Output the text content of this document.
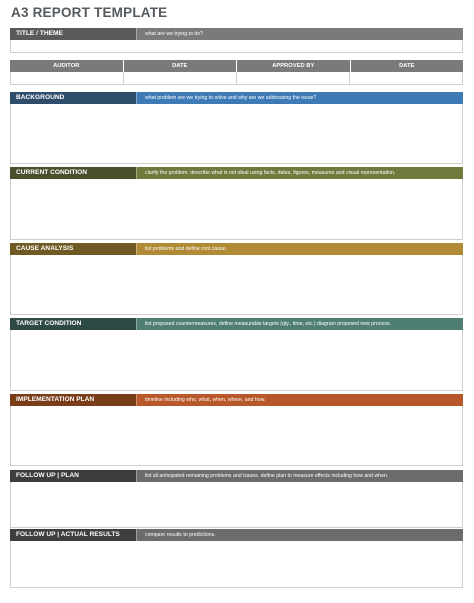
A3 REPORT TEMPLATE
TITLE / THEME	what are we trying to do?
AUDITOR	DATE	APPROVED BY	DATE
BACKGROUND	what problem are we trying to solve and why are we addressing the issue?
CURRENT CONDITION	clarify the problem. describe what is not ideal using facts, dates, figures, measures and visual representation.
CAUSE ANALYSIS	list problems and define root cause.
TARGET CONDITION	list proposed countermeasures, define measurable targets (qty., time, etc.) diagram proposed new process.
IMPLEMENTATION PLAN	timeline including who, what, when, where, and how.
FOLLOW UP | PLAN	list all anticipated remaining problems and issues. define plan to measure effects including how and when.
FOLLOW UP | ACTUAL RESULTS	compare results to predictions.
